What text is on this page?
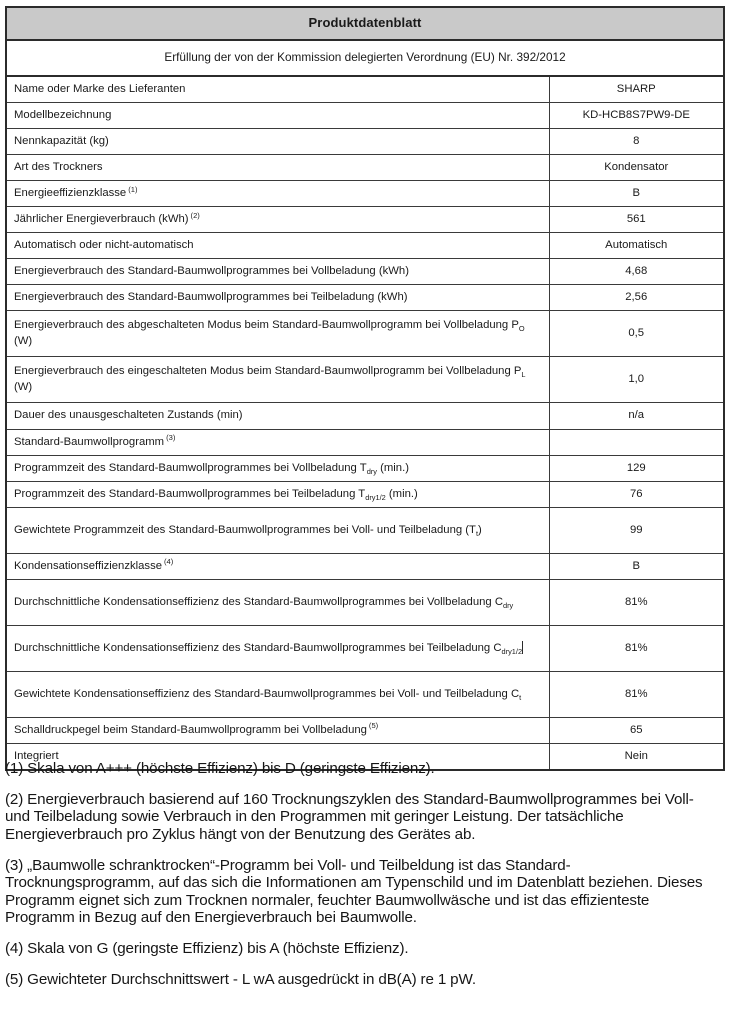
Produktdatenblatt	
Erfüllung der von der Kommission delegierten Verordnung (EU) Nr. 392/2012	
Name oder Marke des Lieferanten	SHARP
Modellbezeichnung	KD-HCB8S7PW9-DE
Nennkapazität (kg)	8
Art des Trockners	Kondensator
Energieeffizienzklasse $^{(1)}$	B
Jährlicher Energieverbrauch (kWh) $^{(2)}$	561
Automatisch oder nicht-automatisch	Automatisch
Energieverbrauch des Standard-Baumwollprogrammes bei Vollbeladung (kWh)	4,68
Energieverbrauch des Standard-Baumwollprogrammes bei Teilbeladung (kWh)	2,56
Energieverbrauch des abgeschalteten Modus beim Standard-Baumwollprogramm bei Vollbeladung $P_O$ (W)	0,5
Energieverbrauch des eingeschalteten Modus beim Standard-Baumwollprogramm bei Vollbeladung $P_L$ (W)	1,0
Dauer des unausgeschalteten Zustands (min)	n/a
Standard-Baumwollprogramm $^{(3)}$	
Programmzeit des Standard-Baumwollprogrammes bei Vollbeladung $T_{dry}$ (min.)	129
Programmzeit des Standard-Baumwollprogrammes bei Teilbeladung $T_{dry1/2}$ (min.)	76
Gewichtete Programmzeit des Standard-Baumwollprogrammes bei Voll- und Teilbeladung $(T_t)$	99
Kondensationseffizienzklasse $^{(4)}$	B
Durchschnittliche Kondensationseffizienz des Standard-Baumwollprogrammes bei Vollbeladung $C_{dry}$	81%
Durchschnittliche Kondensationseffizienz des Standard-Baumwollprogrammes bei Teilbeladung $C_{dry1/2}$	81%
Gewichtete Kondensationseffizienz des Standard-Baumwollprogrammes bei Voll- und Teilbeladung $C_t$	81%
Schalldruckpegel beim Standard-Baumwollprogramm bei Vollbeladung $^{(5)}$	65
Integriert	Nein

(1) Skala von A+++ (höchste Effizienz) bis D (geringste Effizienz).

(2) Energieverbrauch basierend auf 160 Trocknungszyklen des Standard-Baumwollprogrammes bei Voll- und Teilbeladung sowie Verbrauch in den Programmen mit geringer Leistung. Der tatsächliche Energieverbrauch pro Zyklus hängt von der Benutzung des Gerätes ab.

(3) „Baumwolle schranktrocken“-Programm bei Voll- und Teilbeldung ist das Standard-Trocknungsprogramm, auf das sich die Informationen am Typenschild und im Datenblatt beziehen. Dieses Programm eignet sich zum Trocknen normaler, feuchter Baumwollwäsche und ist das effizienteste Programm in Bezug auf den Energieverbrauch bei Baumwolle.

(4) Skala von G (geringste Effizienz) bis A (höchste Effizienz).

(5) Gewichteter Durchschnittswert - L wA ausgedrückt in dB(A) re 1 pW.
